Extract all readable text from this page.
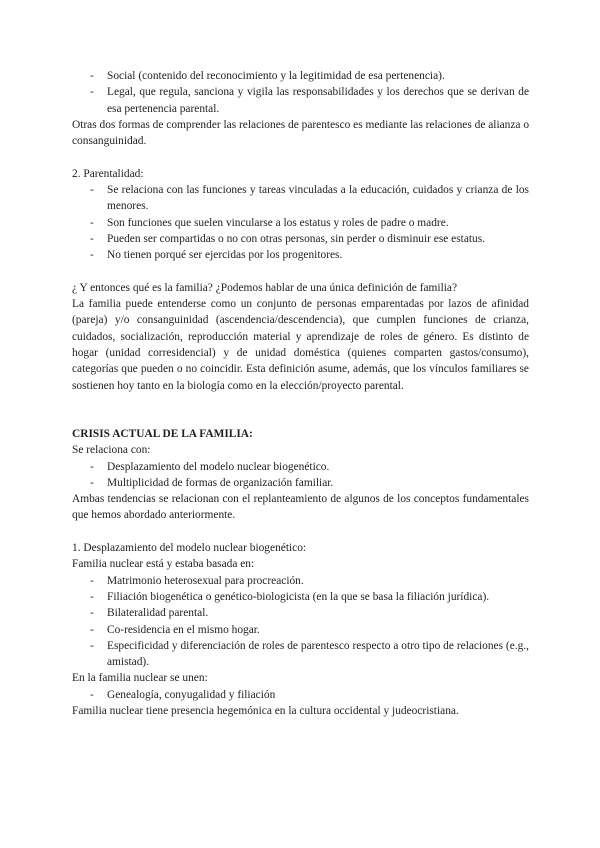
- Social (contenido del reconocimiento y la legitimidad de esa pertenencia).
- Legal, que regula, sanciona y vigila las responsabilidades y los derechos que se derivan de esa pertenencia parental.

Otras dos formas de comprender las relaciones de parentesco es mediante las relaciones de alianza o consanguinidad.

2. Parentalidad:

- Se relaciona con las funciones y tareas vinculadas a la educación, cuidados y crianza de los menores.
- Son funciones que suelen vincularse a los estatus y roles de padre o madre.
- Pueden ser compartidas o no con otras personas, sin perder o disminuir ese estatus.
- No tienen porqué ser ejercidas por los progenitores.

¿ Y entonces qué es la familia? ¿Podemos hablar de una única definición de familia?

La familia puede entenderse como un conjunto de personas emparentadas por lazos de afinidad (pareja) y/o consanguinidad (ascendencia/descendencia), que cumplen funciones de crianza, cuidados, socialización, reproducción material y aprendizaje de roles de género. Es distinto de hogar (unidad corresidencial) y de unidad doméstica (quienes comparten gastos/consumo), categorías que pueden o no coincidir. Esta definición asume, además, que los vínculos familiares se sostienen hoy tanto en la biología como en la elección/proyecto parental.

CRISIS ACTUAL DE LA FAMILIA:

Se relaciona con:

- Desplazamiento del modelo nuclear biogenético.
- Multiplicidad de formas de organización familiar.

Ambas tendencias se relacionan con el replanteamiento de algunos de los conceptos fundamentales que hemos abordado anteriormente.

1. Desplazamiento del modelo nuclear biogenético:

Familia nuclear está y estaba basada en:

- Matrimonio heterosexual para procreación.
- Filiación biogenética o genético-biologicista (en la que se basa la filiación jurídica).
- Bilateralidad parental.
- Co-residencia en el mismo hogar.
- Especificidad y diferenciación de roles de parentesco respecto a otro tipo de relaciones (e.g., amistad).

En la familia nuclear se unen:

- Genealogía, conyugalidad y filiación

Familia nuclear tiene presencia hegemónica en la cultura occidental y judeocristiana.
